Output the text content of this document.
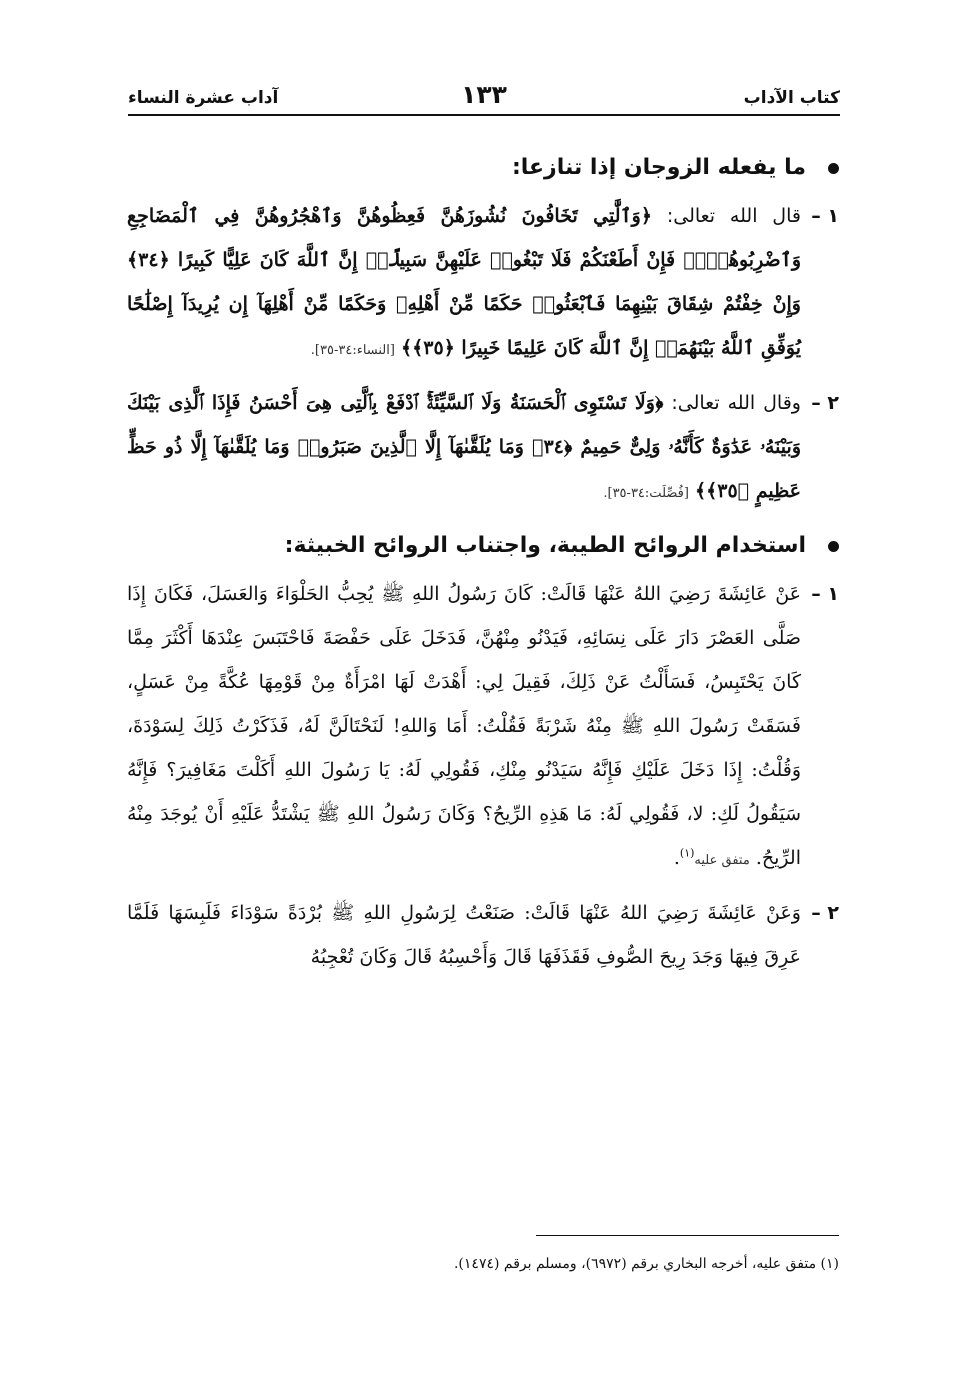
كتاب الآداب
١٣٣
آداب عشرة النساء
ما يفعله الزوجان إذا تنازعا:
١ –
قال الله تعالى: ﴿وَٱلَّٰتِي تَخَافُونَ نُشُوزَهُنَّ فَعِظُوهُنَّ وَٱهْجُرُوهُنَّ فِي ٱلْمَضَاجِعِ وَٱضْرِبُوهُنَّۖ فَإِنْ أَطَعْنَكُمْ فَلَا تَبْغُوا۟ عَلَيْهِنَّ سَبِيلًاۗ إِنَّ ٱللَّهَ كَانَ عَلِيًّا كَبِيرًا ﴿٣٤﴾ وَإِنْ خِفْتُمْ شِقَاقَ بَيْنِهِمَا فَٱبْعَثُوا۟ حَكَمًا مِّنْ أَهْلِهِۦ وَحَكَمًا مِّنْ أَهْلِهَآ إِن يُرِيدَآ إِصْلَٰحًا يُوَفِّقِ ٱللَّهُ بَيْنَهُمَآۗ إِنَّ ٱللَّهَ كَانَ عَلِيمًا خَبِيرًا ﴿٣٥﴾﴾ [النساء:٣٤-٣٥].
٢ –
وقال الله تعالى: ﴿وَلَا تَسْتَوِى ٱلْحَسَنَةُ وَلَا ٱلسَّيِّئَةُۚ ٱدْفَعْ بِٱلَّتِى هِىَ أَحْسَنُ فَإِذَا ٱلَّذِى بَيْنَكَ وَبَيْنَهُۥ عَدَٰوَةٌ كَأَنَّهُۥ وَلِىٌّ حَمِيمٌ ﴿٣٤﴾ وَمَا يُلَقَّىٰهَآ إِلَّا ٱلَّذِينَ صَبَرُوا۟ وَمَا يُلَقَّىٰهَآ إِلَّا ذُو حَظٍّ عَظِيمٍ ﴿٣٥﴾﴾ [فُصِّلَت:٣٤-٣٥].
استخدام الروائح الطيبة، واجتناب الروائح الخبيثة:
١ –
عَنْ عَائِشَةَ رَضِيَ اللهُ عَنْهَا قَالَتْ: كَانَ رَسُولُ اللهِ ﷺ يُحِبُّ الحَلْوَاءَ وَالعَسَلَ، فَكَانَ إِذَا صَلَّى العَصْرَ دَارَ عَلَى نِسَائِهِ، فَيَدْنُو مِنْهُنَّ، فَدَخَلَ عَلَى حَفْصَةَ فَاحْتَبَسَ عِنْدَهَا أَكْثَرَ مِمَّا كَانَ يَحْتَبِسُ، فَسَأَلْتُ عَنْ ذَلِكَ، فَقِيلَ لِي: أَهْدَتْ لَهَا امْرَأَةٌ مِنْ قَوْمِهَا عُكَّةً مِنْ عَسَلٍ، فَسَقَتْ رَسُولَ اللهِ ﷺ مِنْهُ شَرْبَةً فَقُلْتُ: أَمَا وَاللهِ! لَنَحْتَالَنَّ لَهُ، فَذَكَرْتُ ذَلِكَ لِسَوْدَةَ، وَقُلْتُ: إِذَا دَخَلَ عَلَيْكِ فَإِنَّهُ سَيَدْنُو مِنْكِ، فَقُولِي لَهُ: يَا رَسُولَ اللهِ أَكَلْتَ مَغَافِيرَ؟ فَإِنَّهُ سَيَقُولُ لَكِ: لا، فَقُولِي لَهُ: مَا هَذِهِ الرِّيحُ؟ وَكَانَ رَسُولُ اللهِ ﷺ يَشْتَدُّ عَلَيْهِ أَنْ يُوجَدَ مِنْهُ الرِّيحُ. متفق عليه$^{(١)}$.
٢ –
وَعَنْ عَائِشَةَ رَضِيَ اللهُ عَنْهَا قَالَتْ: صَنَعْتُ لِرَسُولِ اللهِ ﷺ بُرْدَةً سَوْدَاءَ فَلَبِسَهَا فَلَمَّا عَرِقَ فِيهَا وَجَدَ رِيحَ الصُّوفِ فَقَذَفَهَا قَالَ وَأَحْسِبُهُ قَالَ وَكَانَ تُعْجِبُهُ
(١) متفق عليه، أخرجه البخاري برقم (٦٩٧٢)، ومسلم برقم (١٤٧٤).
